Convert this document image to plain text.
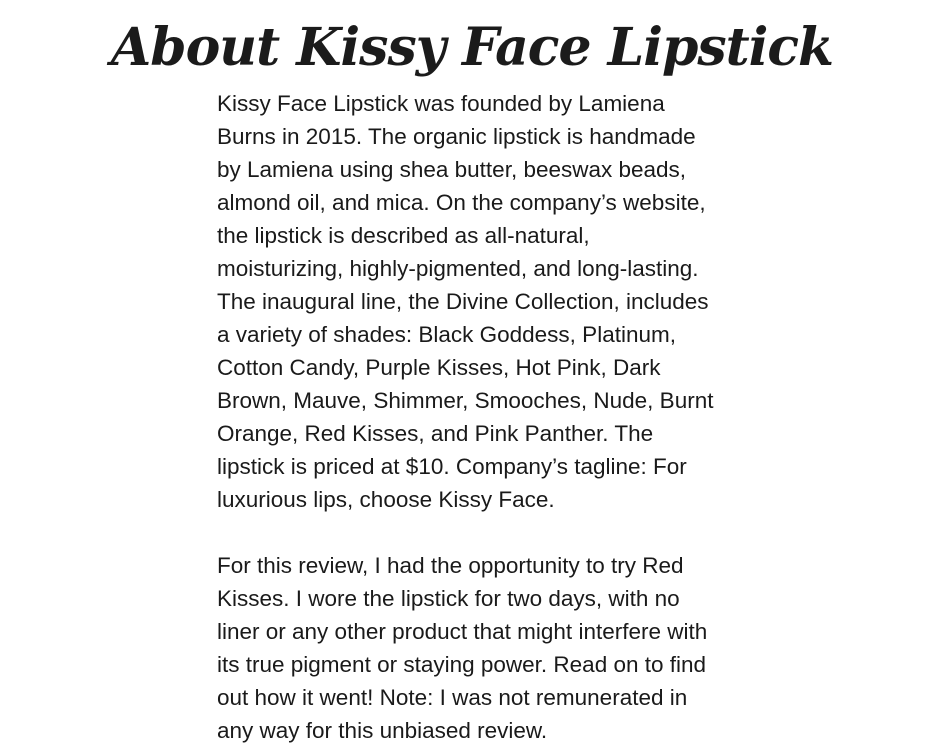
About Kissy Face Lipstick

Kissy Face Lipstick was founded by Lamiena
Burns in 2015. The organic lipstick is handmade
by Lamiena using shea butter, beeswax beads,
almond oil, and mica. On the company’s website,
the lipstick is described as all-natural,
moisturizing, highly-pigmented, and long-lasting.
The inaugural line, the Divine Collection, includes
a variety of shades: Black Goddess, Platinum,
Cotton Candy, Purple Kisses, Hot Pink, Dark
Brown, Mauve, Shimmer, Smooches, Nude, Burnt
Orange, Red Kisses, and Pink Panther. The
lipstick is priced at $10. Company’s tagline: For
luxurious lips, choose Kissy Face.

For this review, I had the opportunity to try Red
Kisses. I wore the lipstick for two days, with no
liner or any other product that might interfere with
its true pigment or staying power. Read on to find
out how it went! Note: I was not remunerated in
any way for this unbiased review.
